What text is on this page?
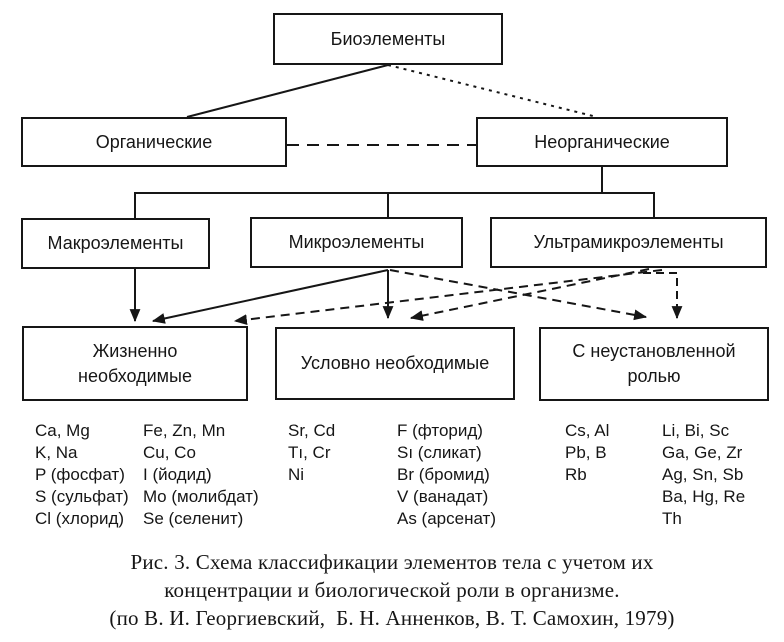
Биоэлементы
Органические	Неорганические
Макроэлементы	Микроэлементы	Ультрамикроэлементы
Жизненно
необходимые
Условно необходимые
С неустановленной
ролью
Ca, Mg
K, Na
P (фосфат)
S (сульфат)
Cl (хлорид)
Fe, Zn, Mn
Cu, Co
I (йодид)
Mo (молибдат)
Se (селенит)
Sr, Cd
Tı, Cr
Ni
F (фторид)
Sı (сликат)
Br (бромид)
V (ванадат)
As (арсенат)
Cs, Al
Pb, B
Rb
Li, Bi, Sc
Ga, Ge, Zr
Ag, Sn, Sb
Ba, Hg, Re
Th
Рис. 3. Схема классификации элементов тела с учетом их
концентрации и биологической роли в организме.
(по В. И. Георгиевский,  Б. Н. Анненков, В. Т. Самохин, 1979)
